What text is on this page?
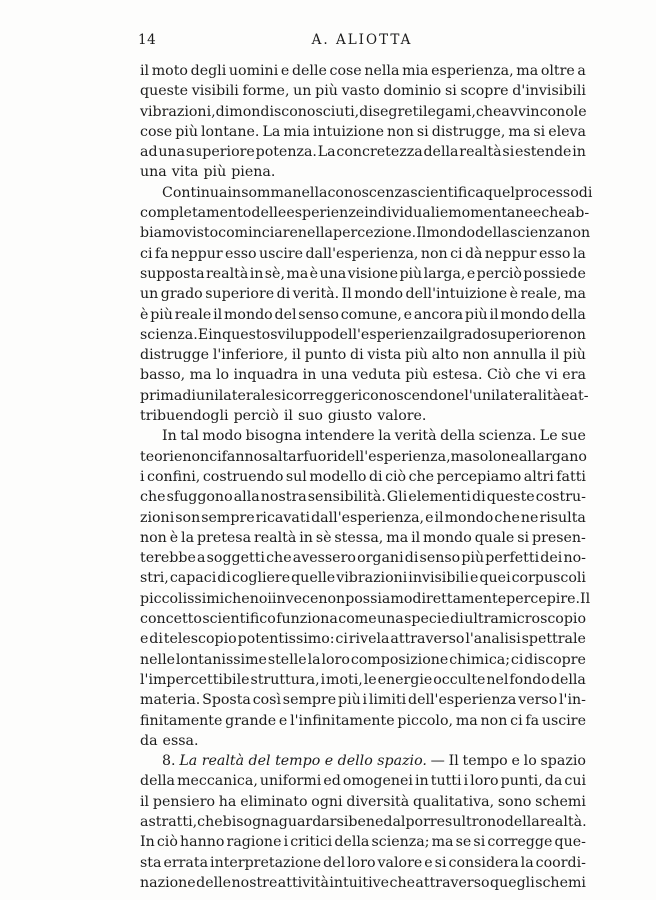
14	A. ALIOTTA
il moto degli uomini e delle cose nella mia esperienza, ma oltre a
queste visibili forme, un più vasto dominio si scopre d'invisibili
vibrazioni, di mondi sconosciuti, di segreti legami, che avvincono le
cose più lontane. La mia intuizione non si distrugge, ma si eleva
ad una superiore potenza. La concretezza della realtà si estende in
una vita più piena.
Continua insomma nella conoscenza scientifica quel processo di
completamento delle esperienze individuali e momentanee che ab-
biamo visto cominciare nella percezione. Il mondo della scienza non
ci fa neppur esso uscire dall'esperienza, non ci dà neppur esso la
supposta realtà in sè, ma è una visione più larga, e perciò possiede
un grado superiore di verità. Il mondo dell'intuizione è reale, ma
è più reale il mondo del senso comune, e ancora più il mondo della
scienza. E in questo sviluppo dell'esperienza il grado superiore non
distrugge l'inferiore, il punto di vista più alto non annulla il più
basso, ma lo inquadra in una veduta più estesa. Ciò che vi era
prima di unilaterale si corregge riconoscendone l'unilateralità e at-
tribuendogli perciò il suo giusto valore.
In tal modo bisogna intendere la verità della scienza. Le sue
teorie non ci fanno saltar fuori dell'esperienza, ma solo ne allargano
i confini, costruendo sul modello di ciò che percepiamo altri fatti
che sfuggono alla nostra sensibilità. Gli elementi di queste costru-
zioni son sempre ricavati dall'esperienza, e il mondo che ne risulta
non è la pretesa realtà in sè stessa, ma il mondo quale si presen-
terebbe a soggetti che avessero organi di senso più perfetti dei no-
stri, capaci di cogliere quelle vibrazioni invisibili e quei corpuscoli
piccolissimi che noi invece non possiamo direttamente percepire. Il
concetto scientifico funziona come una specie di ultramicroscopio
e di telescopio potentissimo: ci rivela attraverso l'analisi spettrale
nelle lontanissime stelle la loro composizione chimica; ci discopre
l'impercettibile struttura, i moti, le energie occulte nel fondo della
materia. Sposta così sempre più i limiti dell'esperienza verso l'in-
finitamente grande e l'infinitamente piccolo, ma non ci fa uscire
da essa.
8. La realtà del tempo e dello spazio. — Il tempo e lo spazio
della meccanica, uniformi ed omogenei in tutti i loro punti, da cui
il pensiero ha eliminato ogni diversità qualitativa, sono schemi
astratti, che bisogna guardarsi bene dal porre sul trono della realtà.
In ciò hanno ragione i critici della scienza; ma se si corregge que-
sta errata interpretazione del loro valore e si considera la coordi-
nazione delle nostre attività intuitive che attraverso quegli schemi
